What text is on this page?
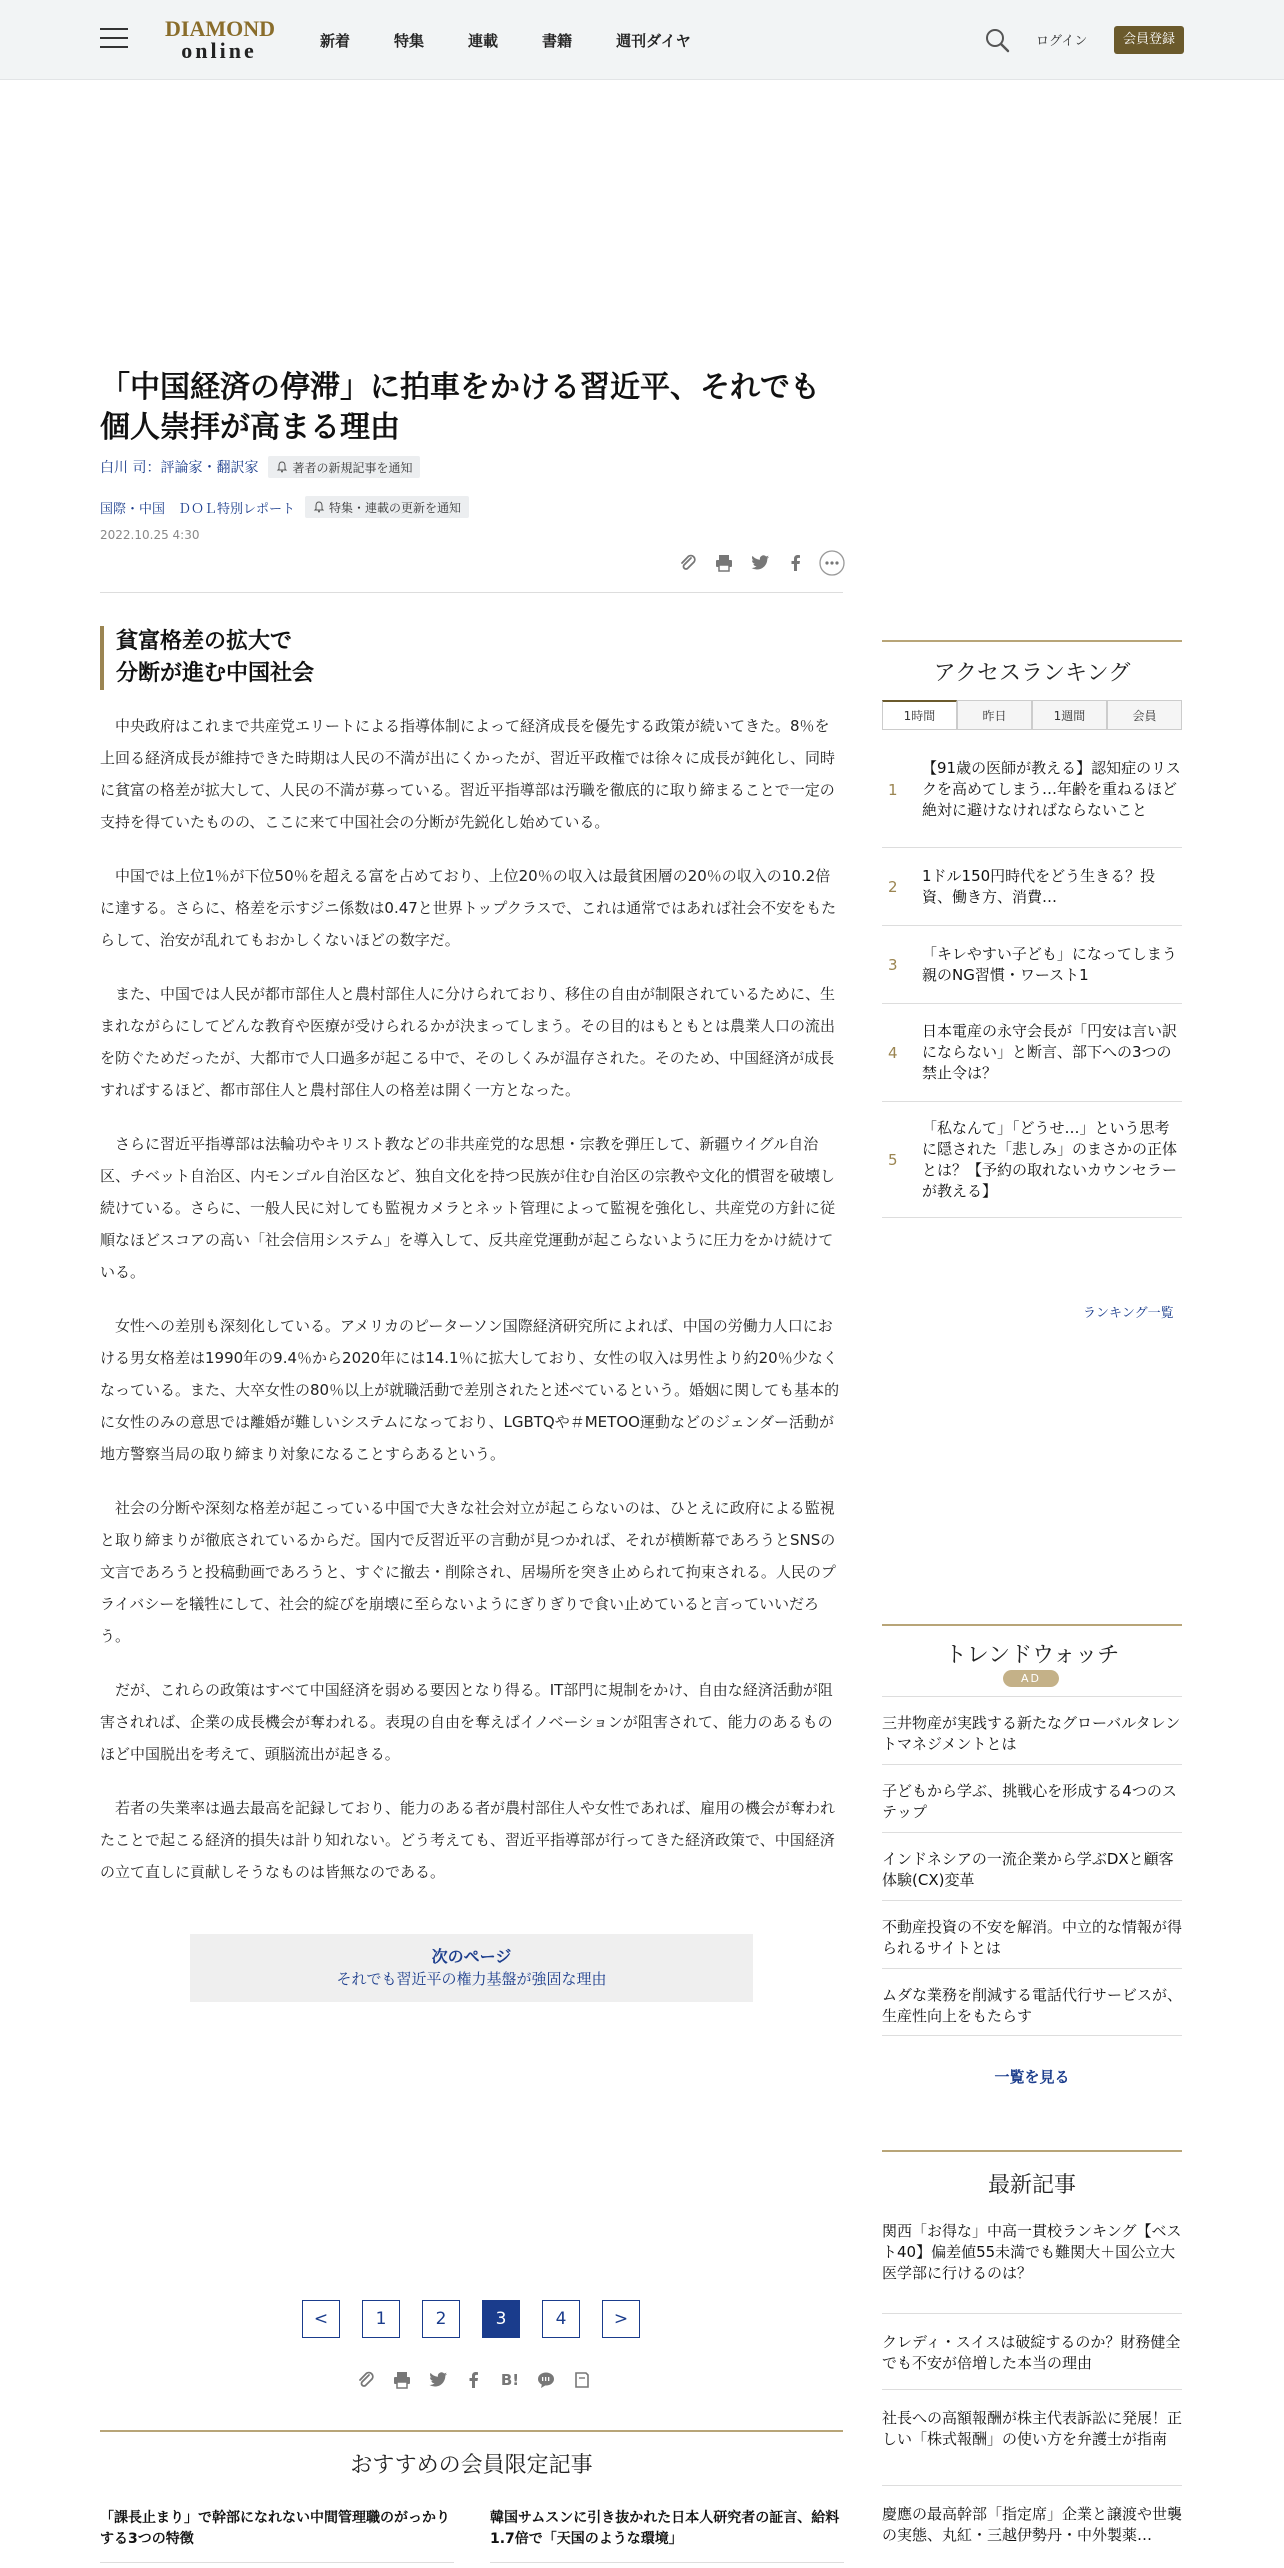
DIAMOND
online	新着	特集	連載	書籍	週刊ダイヤ	ログイン	会員登録
「中国経済の停滞」に拍車をかける習近平、それでも個人崇拝が高まる理由
白川 司：評論家・翻訳家	著者の新規記事を通知
国際・中国　ＤＯＬ特別レポート	特集・連載の更新を通知
2022.10.25 4:30
貧富格差の拡大で
分断が進む中国社会

中央政府はこれまで共産党エリートによる指導体制によって経済成長を優先する政策が続いてきた。8％を上回る経済成長が維持できた時期は人民の不満が出にくかったが、習近平政権では徐々に成長が鈍化し、同時に貧富の格差が拡大して、人民の不満が募っている。習近平指導部は汚職を徹底的に取り締まることで一定の支持を得ていたものの、ここに来て中国社会の分断が先鋭化し始めている。

中国では上位1％が下位50％を超える富を占めており、上位20％の収入は最貧困層の20％の収入の10.2倍に達する。さらに、格差を示すジニ係数は0.47と世界トップクラスで、これは通常ではあれば社会不安をもたらして、治安が乱れてもおかしくないほどの数字だ。

また、中国では人民が都市部住人と農村部住人に分けられており、移住の自由が制限されているために、生まれながらにしてどんな教育や医療が受けられるかが決まってしまう。その目的はもともとは農業人口の流出を防ぐためだったが、大都市で人口過多が起こる中で、そのしくみが温存された。そのため、中国経済が成長すればするほど、都市部住人と農村部住人の格差は開く一方となった。

さらに習近平指導部は法輪功やキリスト教などの非共産党的な思想・宗教を弾圧して、新疆ウイグル自治区、チベット自治区、内モンゴル自治区など、独自文化を持つ民族が住む自治区の宗教や文化的慣習を破壊し続けている。さらに、一般人民に対しても監視カメラとネット管理によって監視を強化し、共産党の方針に従順なほどスコアの高い「社会信用システム」を導入して、反共産党運動が起こらないように圧力をかけ続けている。

女性への差別も深刻化している。アメリカのピーターソン国際経済研究所によれば、中国の労働力人口における男女格差は1990年の9.4％から2020年には14.1％に拡大しており、女性の収入は男性より約20％少なくなっている。また、大卒女性の80％以上が就職活動で差別されたと述べているという。婚姻に関しても基本的に女性のみの意思では離婚が難しいシステムになっており、LGBTQや＃METOO運動などのジェンダー活動が地方警察当局の取り締まり対象になることすらあるという。

社会の分断や深刻な格差が起こっている中国で大きな社会対立が起こらないのは、ひとえに政府による監視と取り締まりが徹底されているからだ。国内で反習近平の言動が見つかれば、それが横断幕であろうとSNSの文言であろうと投稿動画であろうと、すぐに撤去・削除され、居場所を突き止められて拘束される。人民のプライバシーを犠牲にして、社会的綻びを崩壊に至らないようにぎりぎりで食い止めていると言っていいだろう。

だが、これらの政策はすべて中国経済を弱める要因となり得る。IT部門に規制をかけ、自由な経済活動が阻害されれば、企業の成長機会が奪われる。表現の自由を奪えばイノベーションが阻害されて、能力のあるものほど中国脱出を考えて、頭脳流出が起きる。

若者の失業率は過去最高を記録しており、能力のある者が農村部住人や女性であれば、雇用の機会が奪われたことで起こる経済的損失は計り知れない。どう考えても、習近平指導部が行ってきた経済政策で、中国経済の立て直しに貢献しそうなものは皆無なのである。

次のページ
それでも習近平の権力基盤が強固な理由
<	1	2	3	4	>
B!
おすすめの会員限定記事
「課長止まり」で幹部になれない中間管理職のがっかりする3つの特徴
韓国サムスンに引き抜かれた日本人研究者の証言、給料1.7倍で「天国のような環境」
アクセスランキング
1時間	昨日	1週間	会員
1
【91歳の医師が教える】認知症のリスクを高めてしまう…年齢を重ねるほど絶対に避けなければならないこと
2
1ドル150円時代をどう生きる？投資、働き方、消費…
3
「キレやすい子ども」になってしまう親のNG習慣・ワースト1
4
日本電産の永守会長が「円安は言い訳にならない」と断言、部下への3つの禁止令は？
5
「私なんて」「どうせ…」という思考に隠された「悲しみ」のまさかの正体とは？【予約の取れないカウンセラーが教える】
ランキング一覧
トレンドウォッチ
AD
三井物産が実践する新たなグローバルタレントマネジメントとは
子どもから学ぶ、挑戦心を形成する4つのステップ
インドネシアの一流企業から学ぶDXと顧客体験(CX)変革
不動産投資の不安を解消。中立的な情報が得られるサイトとは
ムダな業務を削減する電話代行サービスが、生産性向上をもたらす
一覧を見る
最新記事
関西「お得な」中高一貫校ランキング【ベスト40】偏差値55未満でも難関大＋国公立大医学部に行けるのは？
クレディ・スイスは破綻するのか？財務健全でも不安が倍増した本当の理由
社長への高額報酬が株主代表訴訟に発展！正しい「株式報酬」の使い方を弁護士が指南
慶應の最高幹部「指定席」企業と譲渡や世襲の実態、丸紅・三越伊勢丹・中外製薬…
